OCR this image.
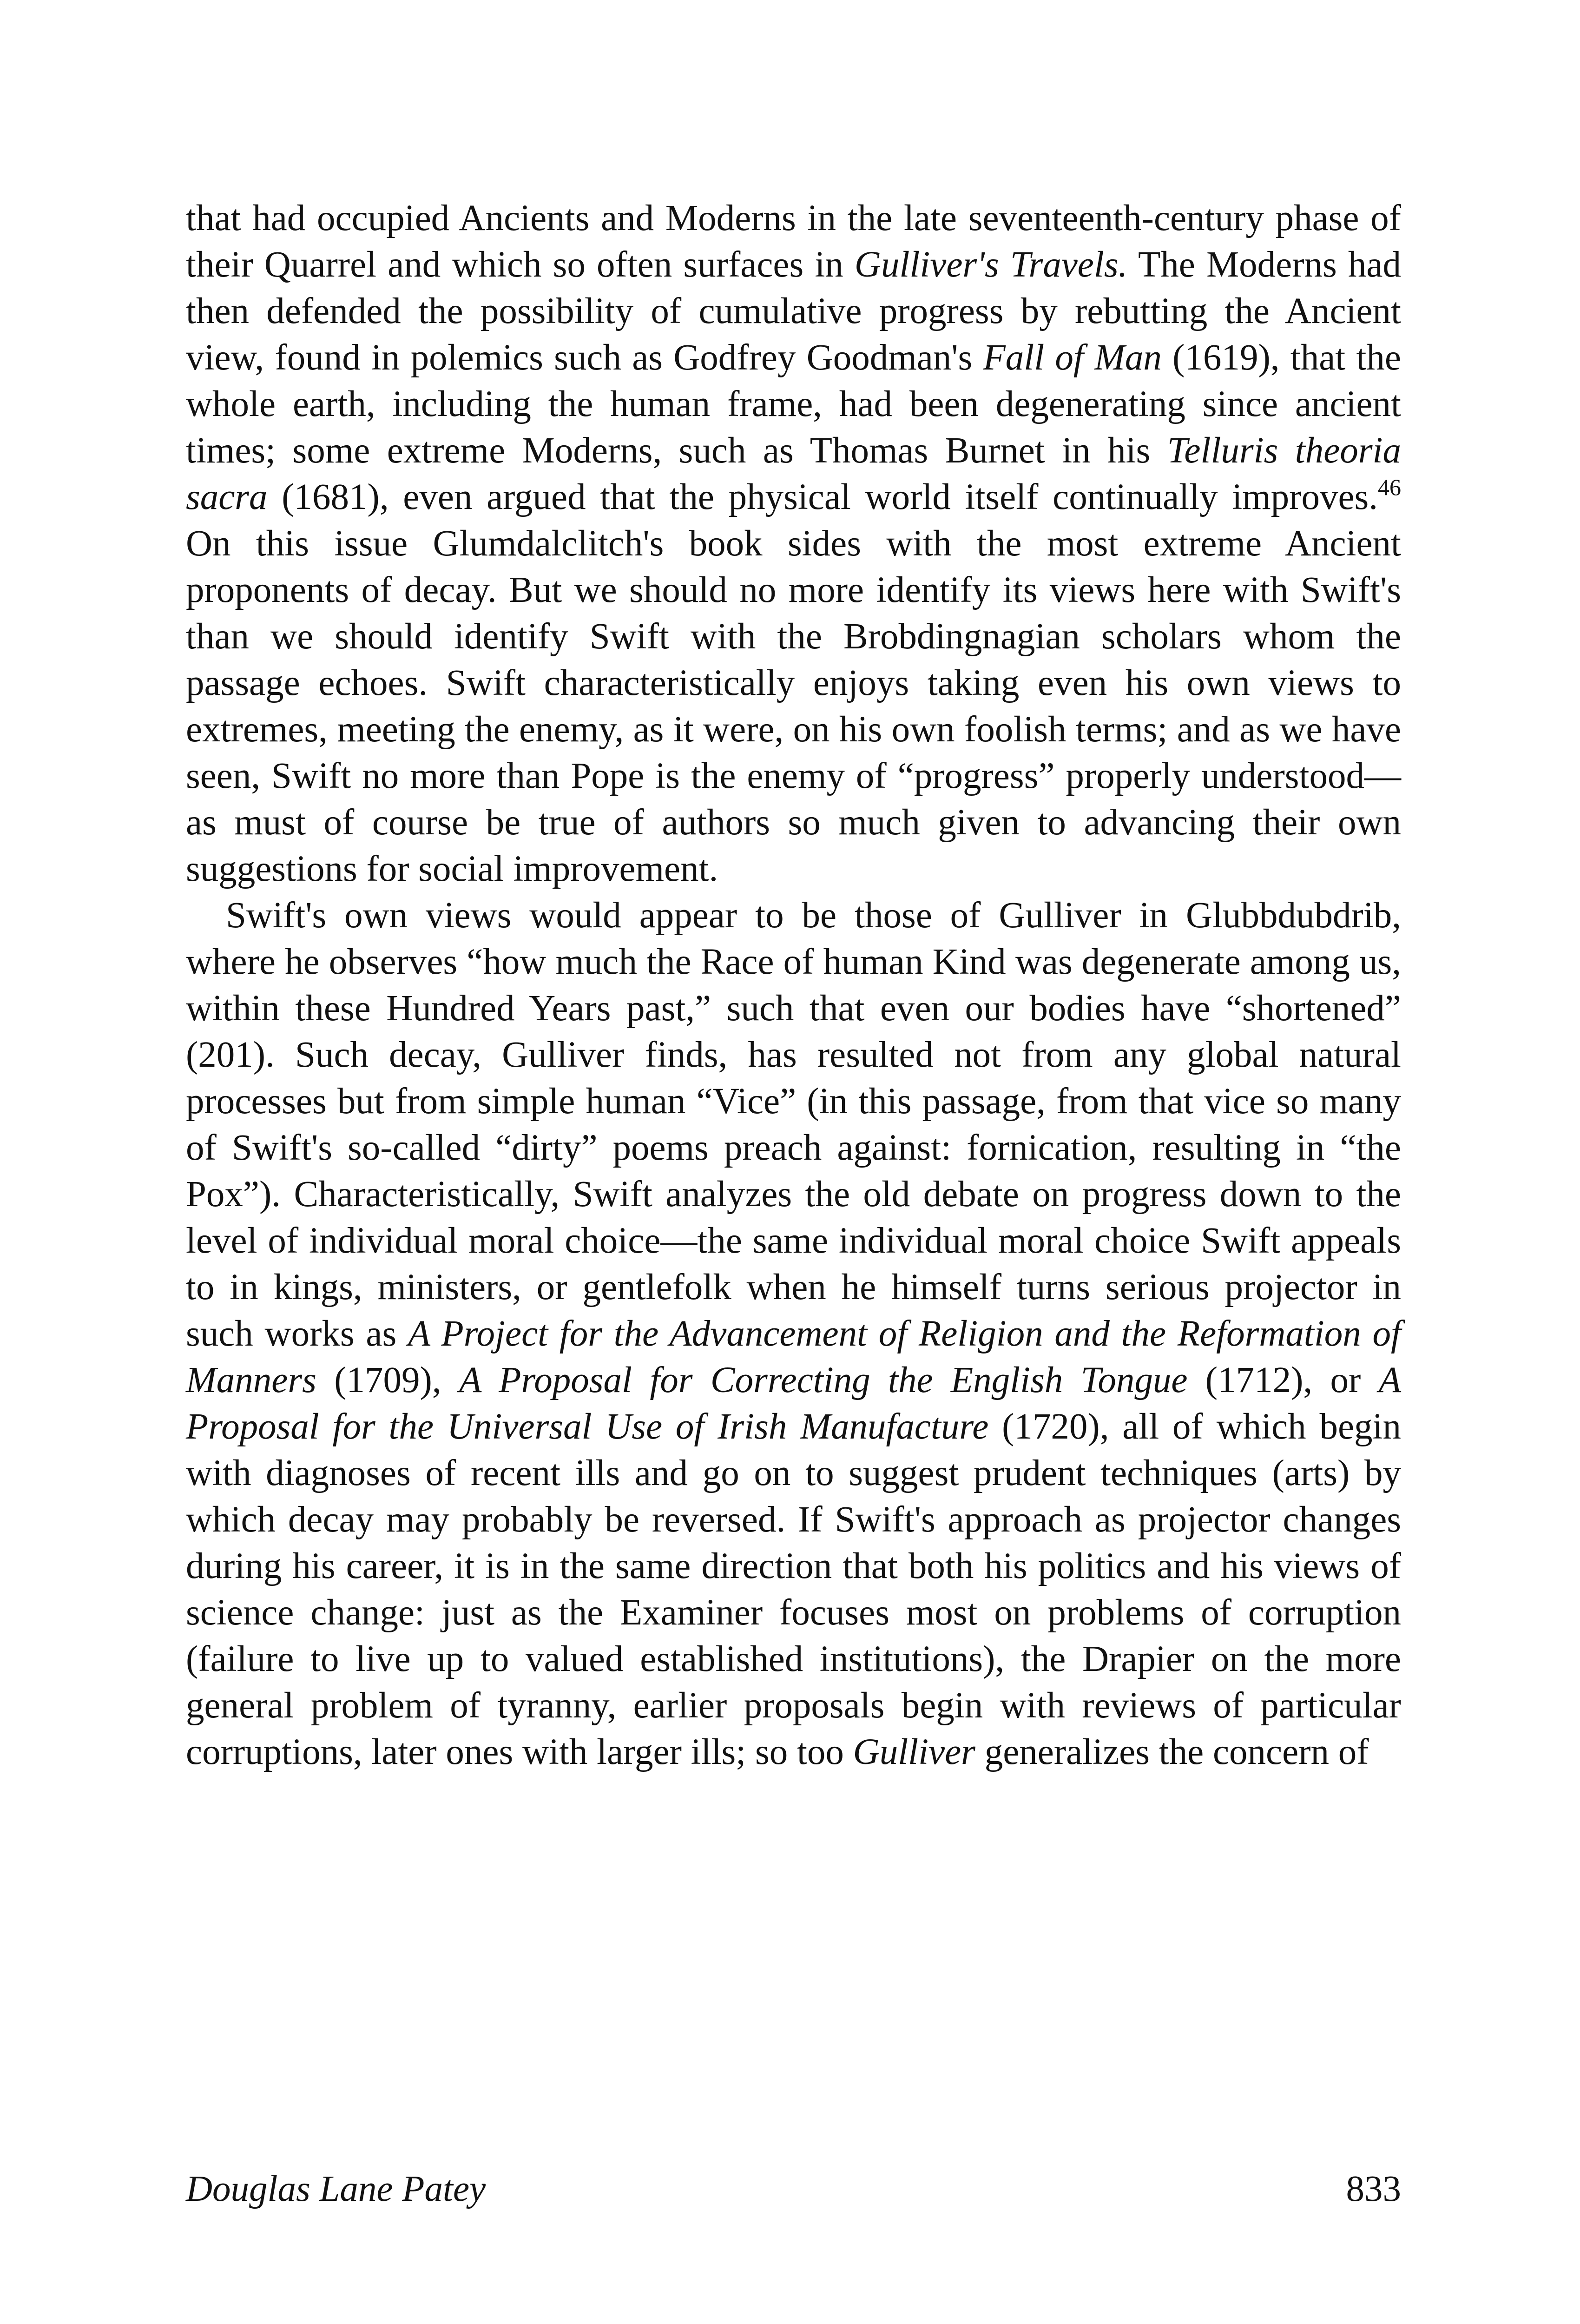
that had occupied Ancients and Moderns in the late seventeenth-century phase of their Quarrel and which so often surfaces in Gulliver's Travels. The Moderns had then defended the possibility of cumulative progress by rebutting the Ancient view, found in polemics such as Godfrey Goodman's Fall of Man (1619), that the whole earth, including the human frame, had been degenerating since ancient times; some extreme Moderns, such as Thomas Burnet in his Telluris theoria sacra (1681), even argued that the physical world itself continually improves.$^{46}$ On this issue Glumdalclitch's book sides with the most extreme Ancient proponents of decay. But we should no more identify its views here with Swift's than we should identify Swift with the Brobdingnagian scholars whom the passage echoes. Swift characteristically enjoys taking even his own views to extremes, meeting the enemy, as it were, on his own foolish terms; and as we have seen, Swift no more than Pope is the enemy of “progress” properly understood—as must of course be true of authors so much given to advancing their own suggestions for social improvement.

Swift's own views would appear to be those of Gulliver in Glubbdubdrib, where he observes “how much the Race of human Kind was degenerate among us, within these Hundred Years past,” such that even our bodies have “shortened” (201). Such decay, Gulliver finds, has resulted not from any global natural processes but from simple human “Vice” (in this passage, from that vice so many of Swift's so-called “dirty” poems preach against: fornication, resulting in “the Pox”). Characteristically, Swift analyzes the old debate on progress down to the level of individual moral choice—the same individual moral choice Swift appeals to in kings, ministers, or gentlefolk when he himself turns serious projector in such works as A Project for the Advancement of Religion and the Reformation of Manners (1709), A Proposal for Correcting the English Tongue (1712), or A Proposal for the Universal Use of Irish Manufacture (1720), all of which begin with diagnoses of recent ills and go on to suggest prudent techniques (arts) by which decay may probably be reversed. If Swift's approach as projector changes during his career, it is in the same direction that both his politics and his views of science change: just as the Examiner focuses most on problems of corruption (failure to live up to valued established institutions), the Drapier on the more general problem of tyranny, earlier proposals begin with reviews of particular corruptions, later ones with larger ills; so too Gulliver generalizes the concern of

Douglas Lane Patey	833
